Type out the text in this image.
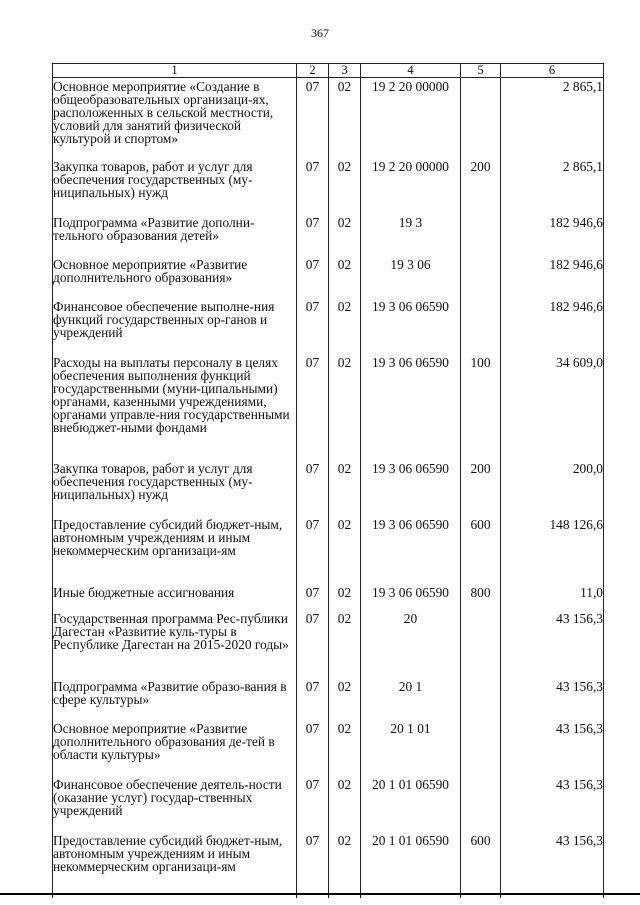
367
1	2	3	4	5	6
Основное мероприятие «Создание в общеобразовательных организаци-ях, расположенных в сельской местности, условий для занятий физической культурой и спортом»	07	02	19 2 20 00000		2 865,1
Закупка товаров, работ и услуг для обеспечения государственных (му-ниципальных) нужд	07	02	19 2 20 00000	200	2 865,1
Подпрограмма «Развитие дополни-тельного образования детей»	07	02	19 3		182 946,6
Основное мероприятие «Развитие дополнительного образования»	07	02	19 3 06		182 946,6
Финансовое обеспечение выполне-ния функций государственных ор-ганов и учреждений	07	02	19 3 06 06590		182 946,6
Расходы на выплаты персоналу в целях обеспечения выполнения функций государственными (муни-ципальными) органами, казенными учреждениями, органами управле-ния государственными внебюджет-ными фондами	07	02	19 3 06 06590	100	34 609,0
Закупка товаров, работ и услуг для обеспечения государственных (му-ниципальных) нужд	07	02	19 3 06 06590	200	200,0
Предоставление субсидий бюджет-ным, автономным учреждениям и иным некоммерческим организаци-ям	07	02	19 3 06 06590	600	148 126,6
Иные бюджетные ассигнования	07	02	19 3 06 06590	800	11,0
Государственная программа Рес-публики Дагестан «Развитие куль-туры в Республике Дагестан на 2015-2020 годы»	07	02	20		43 156,3
Подпрограмма «Развитие образо-вания в сфере культуры»	07	02	20 1		43 156,3
Основное мероприятие «Развитие дополнительного образования де-тей в области культуры»	07	02	20 1 01		43 156,3
Финансовое обеспечение деятель-ности (оказание услуг) государ-ственных учреждений	07	02	20 1 01 06590		43 156,3
Предоставление субсидий бюджет-ным, автономным учреждениям и иным некоммерческим организаци-ям	07	02	20 1 01 06590	600	43 156,3
